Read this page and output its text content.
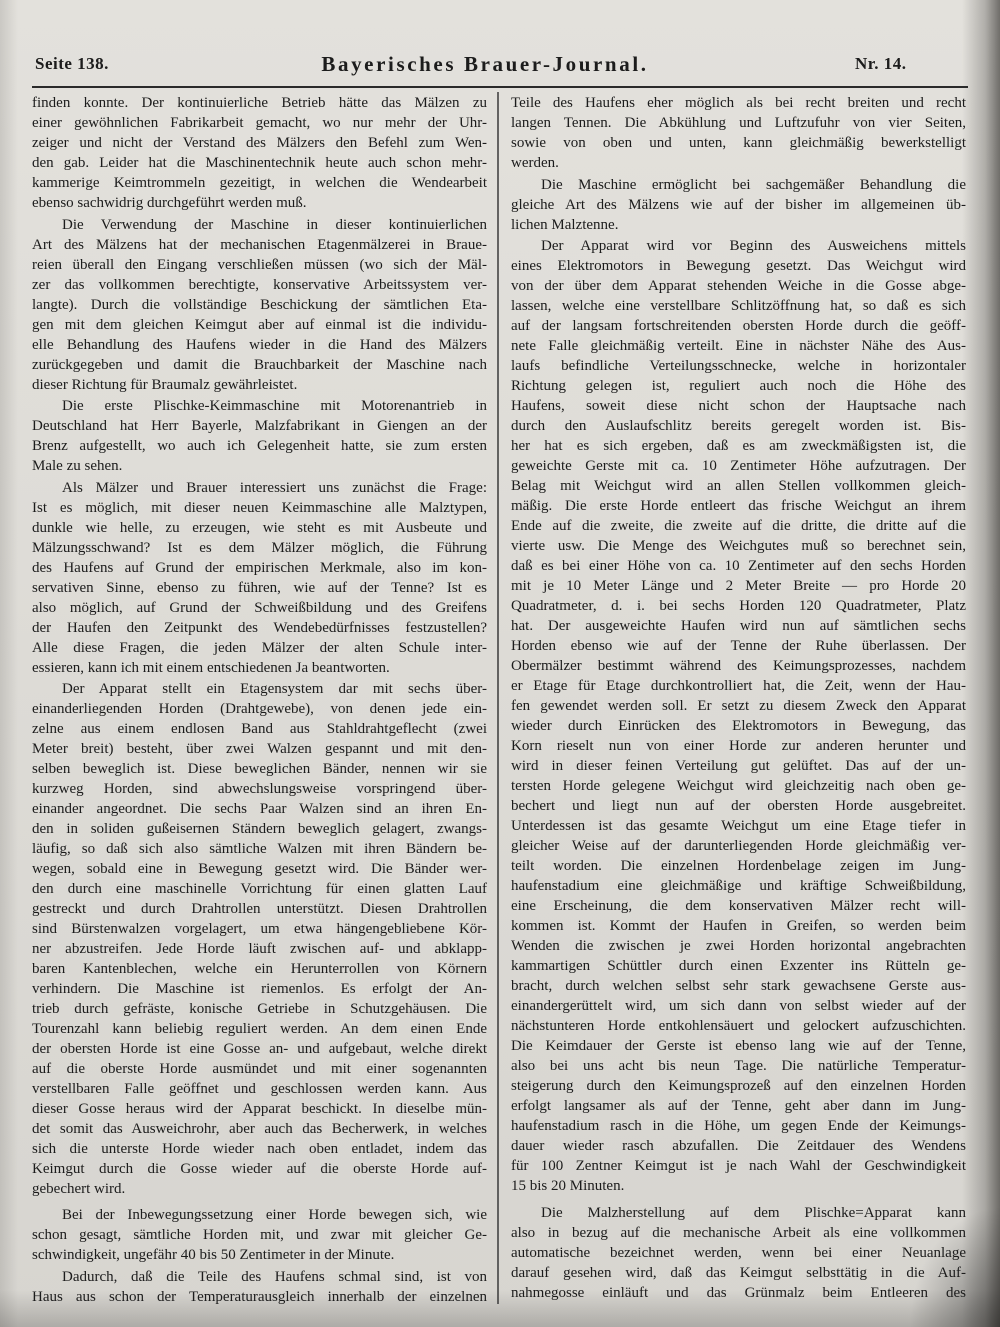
Seite 138.	Bayerisches Brauer-Journal.	Nr. 14.
finden konnte. Der kontinuierliche Betrieb hätte das Mälzen zu
einer gewöhnlichen Fabrikarbeit gemacht, wo nur mehr der Uhr-
zeiger und nicht der Verstand des Mälzers den Befehl zum Wen-
den gab. Leider hat die Maschinentechnik heute auch schon mehr-
kammerige Keimtrommeln gezeitigt, in welchen die Wendearbeit
ebenso sachwidrig durchgeführt werden muß.
Die Verwendung der Maschine in dieser kontinuierlichen
Art des Mälzens hat der mechanischen Etagenmälzerei in Braue-
reien überall den Eingang verschließen müssen (wo sich der Mäl-
zer das vollkommen berechtigte, konservative Arbeitssystem ver-
langte). Durch die vollständige Beschickung der sämtlichen Eta-
gen mit dem gleichen Keimgut aber auf einmal ist die individu-
elle Behandlung des Haufens wieder in die Hand des Mälzers
zurückgegeben und damit die Brauchbarkeit der Maschine nach
dieser Richtung für Braumalz gewährleistet.
Die erste Plischke-Keimmaschine mit Motorenantrieb in
Deutschland hat Herr Bayerle, Malzfabrikant in Giengen an der
Brenz aufgestellt, wo auch ich Gelegenheit hatte, sie zum ersten
Male zu sehen.
Als Mälzer und Brauer interessiert uns zunächst die Frage:
Ist es möglich, mit dieser neuen Keimmaschine alle Malztypen,
dunkle wie helle, zu erzeugen, wie steht es mit Ausbeute und
Mälzungsschwand? Ist es dem Mälzer möglich, die Führung
des Haufens auf Grund der empirischen Merkmale, also im kon-
servativen Sinne, ebenso zu führen, wie auf der Tenne? Ist es
also möglich, auf Grund der Schweißbildung und des Greifens
der Haufen den Zeitpunkt des Wendebedürfnisses festzustellen?
Alle diese Fragen, die jeden Mälzer der alten Schule inter-
essieren, kann ich mit einem entschiedenen Ja beantworten.
Der Apparat stellt ein Etagensystem dar mit sechs über-
einanderliegenden Horden (Drahtgewebe), von denen jede ein-
zelne aus einem endlosen Band aus Stahldrahtgeflecht (zwei
Meter breit) besteht, über zwei Walzen gespannt und mit den-
selben beweglich ist. Diese beweglichen Bänder, nennen wir sie
kurzweg Horden, sind abwechslungsweise vorspringend über-
einander angeordnet. Die sechs Paar Walzen sind an ihren En-
den in soliden gußeisernen Ständern beweglich gelagert, zwangs-
läufig, so daß sich also sämtliche Walzen mit ihren Bändern be-
wegen, sobald eine in Bewegung gesetzt wird. Die Bänder wer-
den durch eine maschinelle Vorrichtung für einen glatten Lauf
gestreckt und durch Drahtrollen unterstützt. Diesen Drahtrollen
sind Bürstenwalzen vorgelagert, um etwa hängengebliebene Kör-
ner abzustreifen. Jede Horde läuft zwischen auf- und abklapp-
baren Kantenblechen, welche ein Herunterrollen von Körnern
verhindern. Die Maschine ist riemenlos. Es erfolgt der An-
trieb durch gefräste, konische Getriebe in Schutzgehäusen. Die
Tourenzahl kann beliebig reguliert werden. An dem einen Ende
der obersten Horde ist eine Gosse an- und aufgebaut, welche direkt
auf die oberste Horde ausmündet und mit einer sogenannten
verstellbaren Falle geöffnet und geschlossen werden kann. Aus
dieser Gosse heraus wird der Apparat beschickt. In dieselbe mün-
det somit das Ausweichrohr, aber auch das Becherwerk, in welches
sich die unterste Horde wieder nach oben entladet, indem das
Keimgut durch die Gosse wieder auf die oberste Horde auf-
gebechert wird.
Bei der Inbewegungssetzung einer Horde bewegen sich, wie
schon gesagt, sämtliche Horden mit, und zwar mit gleicher Ge-
schwindigkeit, ungefähr 40 bis 50 Zentimeter in der Minute.
Dadurch, daß die Teile des Haufens schmal sind, ist von
Haus aus schon der Temperaturausgleich innerhalb der einzelnen
Teile des Haufens eher möglich als bei recht breiten und recht
langen Tennen. Die Abkühlung und Luftzufuhr von vier Seiten,
sowie von oben und unten, kann gleichmäßig bewerkstelligt
werden.
Die Maschine ermöglicht bei sachgemäßer Behandlung die
gleiche Art des Mälzens wie auf der bisher im allgemeinen üb-
lichen Malztenne.
Der Apparat wird vor Beginn des Ausweichens mittels
eines Elektromotors in Bewegung gesetzt. Das Weichgut wird
von der über dem Apparat stehenden Weiche in die Gosse abge-
lassen, welche eine verstellbare Schlitzöffnung hat, so daß es sich
auf der langsam fortschreitenden obersten Horde durch die geöff-
nete Falle gleichmäßig verteilt. Eine in nächster Nähe des Aus-
laufs befindliche Verteilungsschnecke, welche in horizontaler
Richtung gelegen ist, reguliert auch noch die Höhe des
Haufens, soweit diese nicht schon der Hauptsache nach
durch den Auslaufschlitz bereits geregelt worden ist. Bis-
her hat es sich ergeben, daß es am zweckmäßigsten ist, die
geweichte Gerste mit ca. 10 Zentimeter Höhe aufzutragen. Der
Belag mit Weichgut wird an allen Stellen vollkommen gleich-
mäßig. Die erste Horde entleert das frische Weichgut an ihrem
Ende auf die zweite, die zweite auf die dritte, die dritte auf die
vierte usw. Die Menge des Weichgutes muß so berechnet sein,
daß es bei einer Höhe von ca. 10 Zentimeter auf den sechs Horden
mit je 10 Meter Länge und 2 Meter Breite — pro Horde 20
Quadratmeter, d. i. bei sechs Horden 120 Quadratmeter, Platz
hat. Der ausgeweichte Haufen wird nun auf sämtlichen sechs
Horden ebenso wie auf der Tenne der Ruhe überlassen. Der
Obermälzer bestimmt während des Keimungsprozesses, nachdem
er Etage für Etage durchkontrolliert hat, die Zeit, wenn der Hau-
fen gewendet werden soll. Er setzt zu diesem Zweck den Apparat
wieder durch Einrücken des Elektromotors in Bewegung, das
Korn rieselt nun von einer Horde zur anderen herunter und
wird in dieser feinen Verteilung gut gelüftet. Das auf der un-
tersten Horde gelegene Weichgut wird gleichzeitig nach oben ge-
bechert und liegt nun auf der obersten Horde ausgebreitet.
Unterdessen ist das gesamte Weichgut um eine Etage tiefer in
gleicher Weise auf der darunterliegenden Horde gleichmäßig ver-
teilt worden. Die einzelnen Hordenbelage zeigen im Jung-
haufenstadium eine gleichmäßige und kräftige Schweißbildung,
eine Erscheinung, die dem konservativen Mälzer recht will-
kommen ist. Kommt der Haufen in Greifen, so werden beim
Wenden die zwischen je zwei Horden horizontal angebrachten
kammartigen Schüttler durch einen Exzenter ins Rütteln ge-
bracht, durch welchen selbst sehr stark gewachsene Gerste aus-
einandergerüttelt wird, um sich dann von selbst wieder auf der
nächstunteren Horde entkohlensäuert und gelockert aufzuschichten.
Die Keimdauer der Gerste ist ebenso lang wie auf der Tenne,
also bei uns acht bis neun Tage. Die natürliche Temperatur-
steigerung durch den Keimungsprozeß auf den einzelnen Horden
erfolgt langsamer als auf der Tenne, geht aber dann im Jung-
haufenstadium rasch in die Höhe, um gegen Ende der Keimungs-
dauer wieder rasch abzufallen. Die Zeitdauer des Wendens
für 100 Zentner Keimgut ist je nach Wahl der Geschwindigkeit
15 bis 20 Minuten.
Die Malzherstellung auf dem Plischke=Apparat kann
also in bezug auf die mechanische Arbeit als eine vollkommen
automatische bezeichnet werden, wenn bei einer Neuanlage
darauf gesehen wird, daß das Keimgut selbsttätig in die Auf-
nahmegosse einläuft und das Grünmalz beim Entleeren des
